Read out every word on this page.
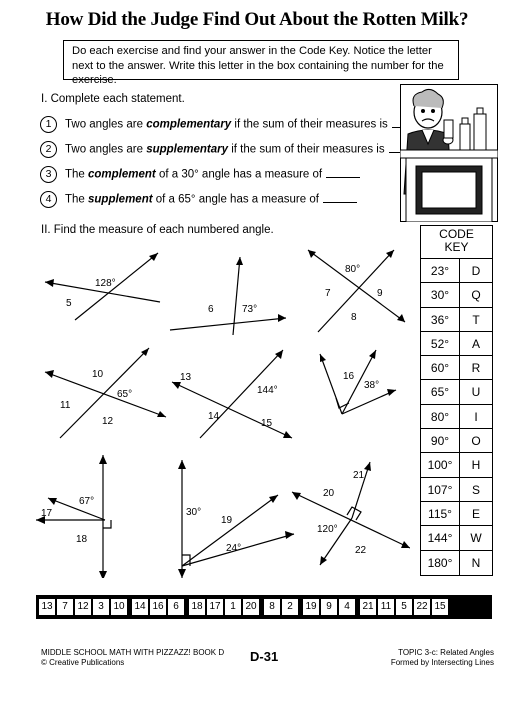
How Did the Judge Find Out About the Rotten Milk?
Do each exercise and find your answer in the Code Key. Notice the letter next to the answer. Write this letter in the box containing the number for the exercise.
I. Complete each statement.
1 Two angles are complementary if the sum of their measures is
2 Two angles are supplementary if the sum of their measures is
3 The complement of a 30° angle has a measure of
4 The supplement of a 65° angle has a measure of
II. Find the measure of each numbered angle.
128°
5
6	73°
80°
7	9
8
10
65°
11
12
13
144°
14
15
16
38°
67°
17
18
30°
19
24°
21
20
120°
22
CODE
KEY
23°	D
30°	Q
36°	T
52°	A
60°	R
65°	U
80°	I
90°	O
100°	H
107°	S
115°	E
144°	W
180°	N
13 7 12 3 10 14 16 6	18 17 1 20	8	2	19 9	4	21 11	5 22 15
MIDDLE SCHOOL MATH WITH PIZZAZZ! BOOK D
© Creative Publications	D-31	TOPIC 3-c: Related Angles
Formed by Intersecting Lines
